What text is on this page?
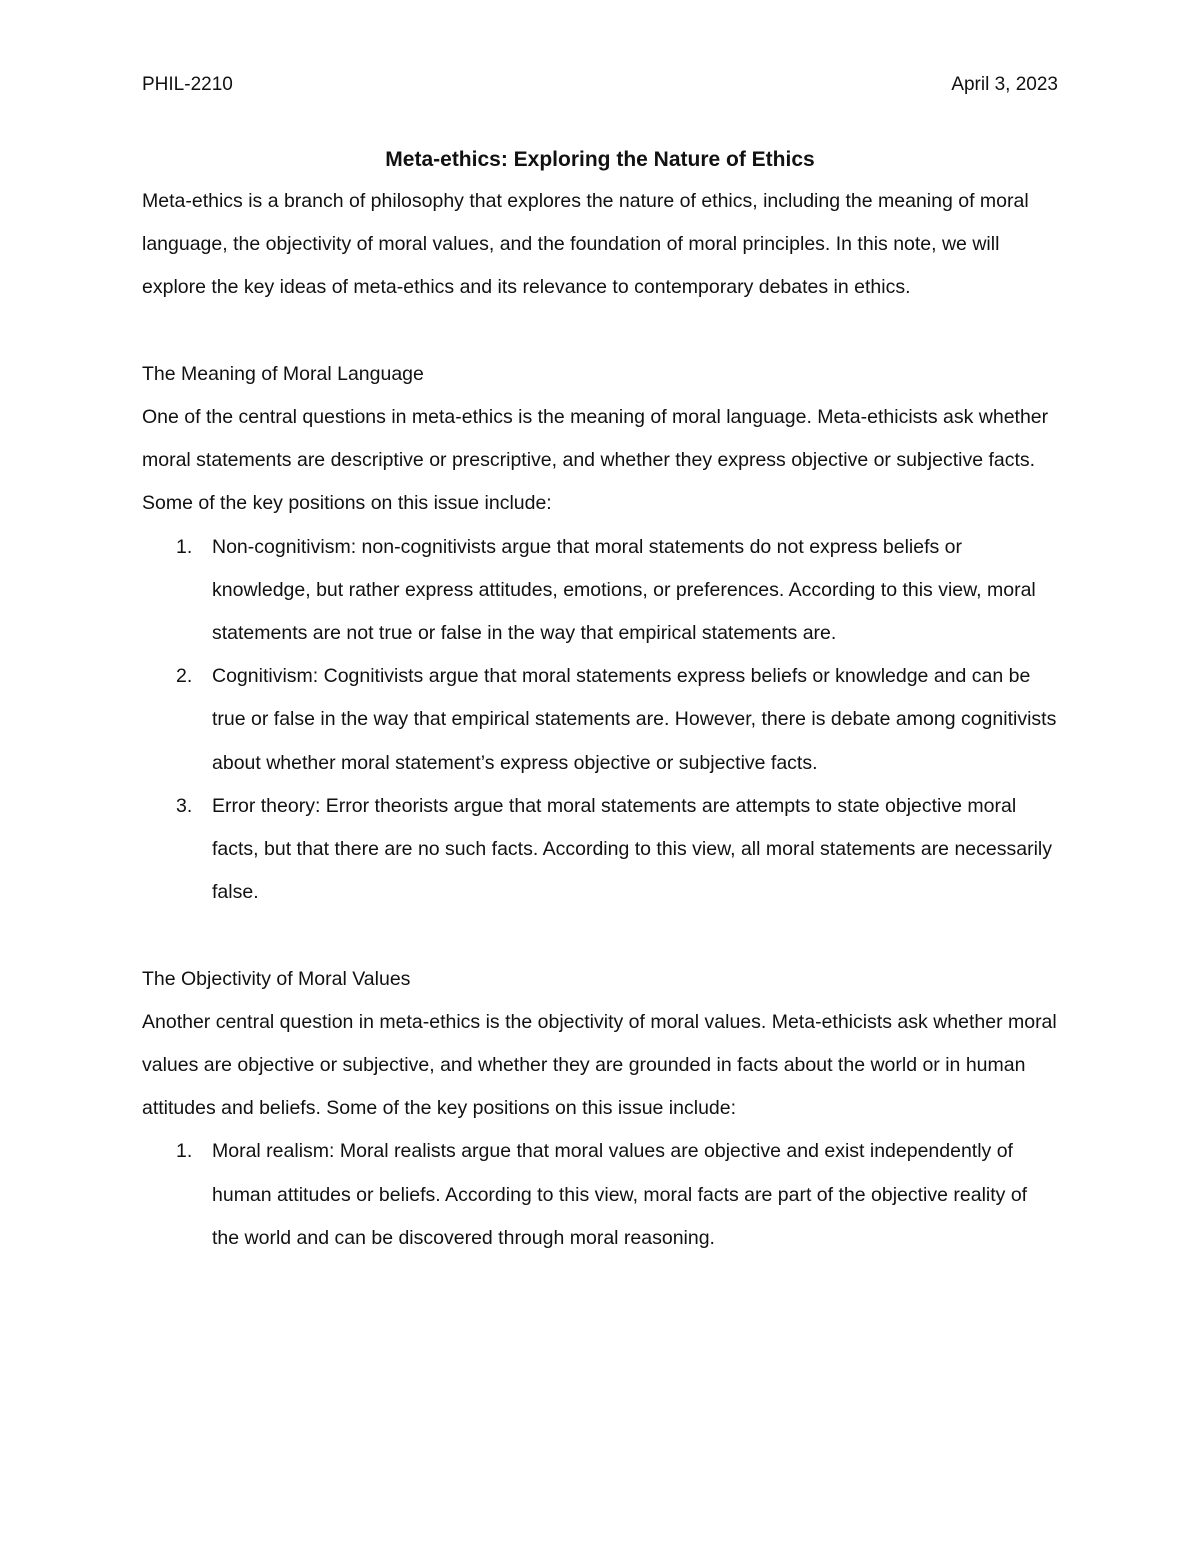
PHIL-2210	April 3, 2023
Meta-ethics: Exploring the Nature of Ethics

Meta-ethics is a branch of philosophy that explores the nature of ethics, including the meaning of moral language, the objectivity of moral values, and the foundation of moral principles. In this note, we will explore the key ideas of meta-ethics and its relevance to contemporary debates in ethics.

The Meaning of Moral Language

One of the central questions in meta-ethics is the meaning of moral language. Meta-ethicists ask whether moral statements are descriptive or prescriptive, and whether they express objective or subjective facts. Some of the key positions on this issue include:

1. Non-cognitivism: non-cognitivists argue that moral statements do not express beliefs or knowledge, but rather express attitudes, emotions, or preferences. According to this view, moral statements are not true or false in the way that empirical statements are.
2. Cognitivism: Cognitivists argue that moral statements express beliefs or knowledge and can be true or false in the way that empirical statements are. However, there is debate among cognitivists about whether moral statement’s express objective or subjective facts.
3. Error theory: Error theorists argue that moral statements are attempts to state objective moral facts, but that there are no such facts. According to this view, all moral statements are necessarily false.

The Objectivity of Moral Values

Another central question in meta-ethics is the objectivity of moral values. Meta-ethicists ask whether moral values are objective or subjective, and whether they are grounded in facts about the world or in human attitudes and beliefs. Some of the key positions on this issue include:

1. Moral realism: Moral realists argue that moral values are objective and exist independently of human attitudes or beliefs. According to this view, moral facts are part of the objective reality of the world and can be discovered through moral reasoning.
